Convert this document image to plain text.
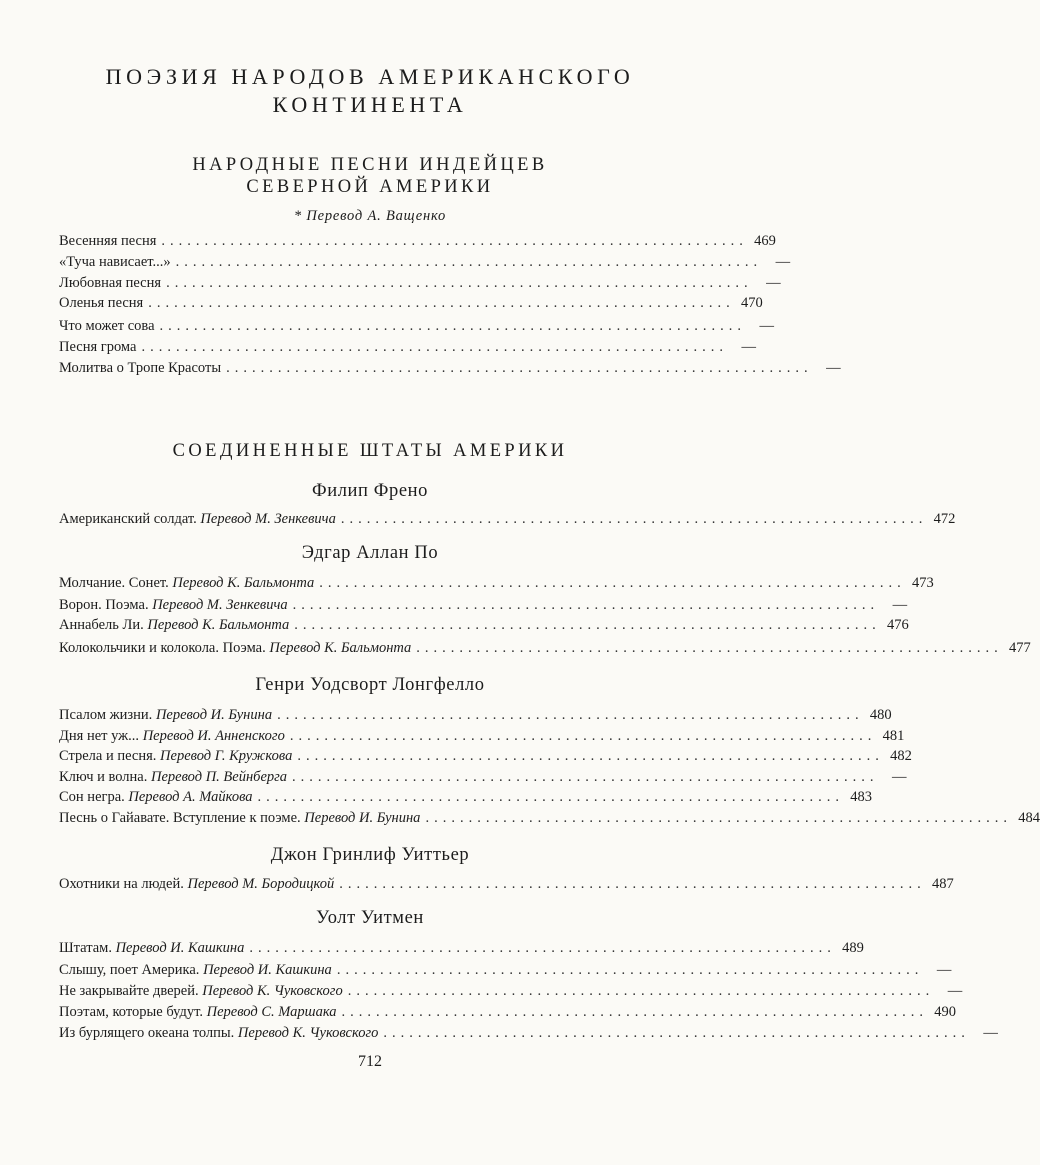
ПОЭЗИЯ НАРОДОВ АМЕРИКАНСКОГО
КОНТИНЕНТА
НАРОДНЫЕ ПЕСНИ ИНДЕЙЦЕВ
СЕВЕРНОЙ АМЕРИКИ
* Перевод А. Ващенко
Весенняя песня .................................................................... 469
«Туча нависает...» .................................................................... —
Любовная песня .................................................................... —
Оленья песня .................................................................... 470
Что может сова .................................................................... —
Песня грома .................................................................... —
Молитва о Тропе Красоты .................................................................... —
СОЕДИНЕННЫЕ ШТАТЫ АМЕРИКИ
Филип Френо
Американский солдат. Перевод М. Зенкевича .................................................................... 472
Эдгар Аллан По
Молчание. Сонет. Перевод К. Бальмонта .................................................................... 473
Ворон. Поэма. Перевод М. Зенкевича .................................................................... —
Аннабель Ли. Перевод К. Бальмонта .................................................................... 476
Колокольчики и колокола. Поэма. Перевод К. Бальмонта .................................................................... 477
Генри Уодсворт Лонгфелло
Псалом жизни. Перевод И. Бунина .................................................................... 480
Дня нет уж... Перевод И. Анненского .................................................................... 481
Стрела и песня. Перевод Г. Кружкова .................................................................... 482
Ключ и волна. Перевод П. Вейнберга .................................................................... —
Сон негра. Перевод А. Майкова .................................................................... 483
Песнь о Гайавате. Вступление к поэме. Перевод И. Бунина .................................................................... 484
Джон Гринлиф Уиттьер
Охотники на людей. Перевод М. Бородицкой .................................................................... 487
Уолт Уитмен
Штатам. Перевод И. Кашкина .................................................................... 489
Слышу, поет Америка. Перевод И. Кашкина .................................................................... —
Не закрывайте дверей. Перевод К. Чуковского .................................................................... —
Поэтам, которые будут. Перевод С. Маршака .................................................................... 490
Из бурлящего океана толпы. Перевод К. Чуковского .................................................................... —
712
